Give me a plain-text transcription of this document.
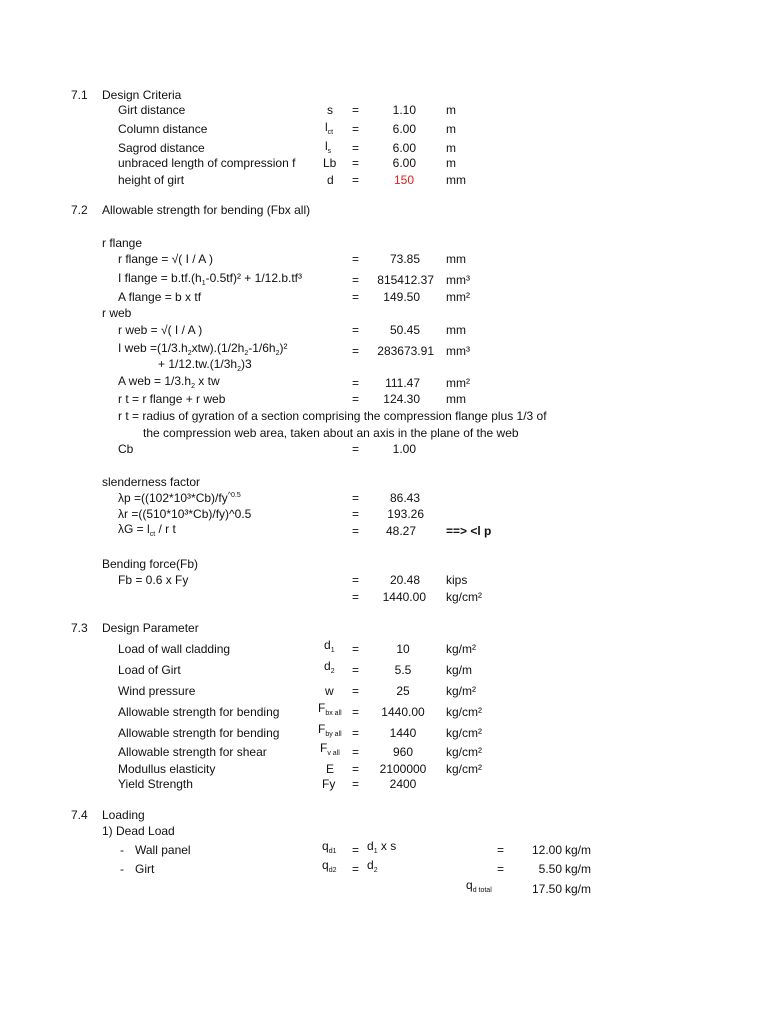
7.1 Design Criteria
Girt distance	s =	1.10	m
Column distance	$l_{ct}$ =	6.00	m
Sagrod distance	$l_s$ =	6.00	m
unbraced length of compression f Lb =	6.00	m
height of girt	d =	150	mm
7.2 Allowable strength for bending (Fbx all)
r flange
r flange = √( I / A )	=	73.85 mm
I flange = $b.tf.(h_1-0.5tf)^2 + 1/12.b.tf^3$	=	815412.37 mm³
A flange = b x tf	=	149.50 mm²
r web
r web = √( I / A )	=	50.45 mm
I web $=(1/3.h_2xtw).(1/2h_2-1/6h_2)^2$
+ $1/12.tw.(1/3h_2)3$
=	283673.91 mm³
A web = $1/3.h_2$ x tw	=	111.47 mm²
r t = r flange + r web	=	124.30 mm
r t = radius of gyration of a section comprising the compression flange plus 1/3 of
the compression web area, taken about an axis in the plane of the web
Cb	=	1.00
slenderness factor
$\lambda p =((102*10^3*Cb)/fy^{\^{}0.5}$	=	86.43
λr =((510*10³*Cb)/fy)^0.5	=	193.26
$\lambda G = l_{ct} / r$ t	=	48.27	==> <l p
Bending force(Fb)
Fb = 0.6 x Fy	=	20.48 kips
=	1440.00 kg/cm²
7.3 Design Parameter
Load of wall cladding	$d_1$ =	10	kg/m²
Load of Girt	$d_2$ =	5.5	kg/m
Wind pressure	w =	25	kg/m²
Allowable strength for bending	$F_{bx all}$ =	1440.00	kg/cm²
Allowable strength for bending	$F_{by all}$ =	1440	kg/cm²
Allowable strength for shear	$F_{v all}$ =	960	kg/cm²
Modullus elasticity	E =	2100000	kg/cm²
Yield Strength	Fy =	2400
7.4 Loading
1) Dead Load
- Wall panel	$q_{d1} = d_1$ x s	=	12.00 kg/m
- Girt	$q_{d2} = d_2$	=	5.50 kg/m
$q_{d total}$	17.50 kg/m
